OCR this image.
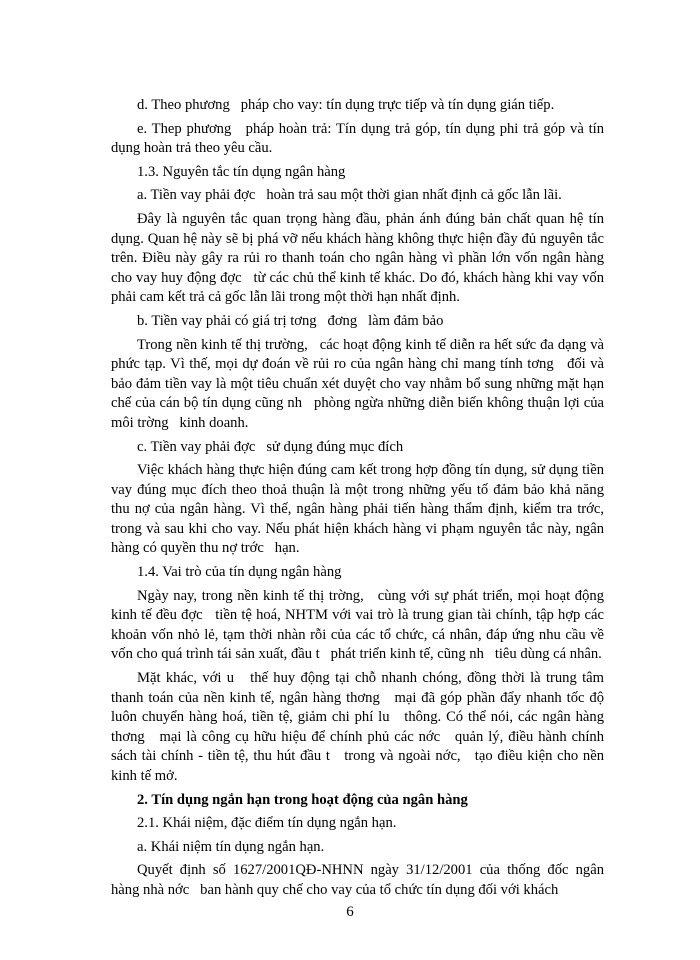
d. Theo phương   pháp cho vay: tín dụng trực tiếp và tín dụng gián tiếp.

e. Thep phương   pháp hoàn trả: Tín dụng trả góp, tín dụng phi trả góp và tín dụng hoàn trả theo yêu cầu.

1.3. Nguyên tắc tín dụng ngân hàng

a. Tiền vay phải đợc   hoàn trả sau một thời gian nhất định cả gốc lẫn lãi.

Đây là nguyên tắc quan trọng hàng đầu, phản ánh đúng bản chất quan hệ tín dụng. Quan hệ này sẽ bị phá vỡ nếu khách hàng không thực hiện đầy đủ nguyên tắc trên. Điều này gây ra rủi ro thanh toán cho ngân hàng vì phần lớn vốn ngân hàng cho vay huy động đợc   từ các chủ thể kinh tế khác. Do đó, khách hàng khi vay vốn phải cam kết trả cả gốc lẫn lãi trong một thời hạn nhất định.

b. Tiền vay phải có giá trị tơng   đơng   làm đảm bảo

Trong nền kinh tế thị trường,   các hoạt động kinh tế diễn ra hết sức đa dạng và phức tạp. Vì thế, mọi dự đoán về rủi ro của ngân hàng chỉ mang tính tơng   đối và bảo đảm tiền vay là một tiêu chuẩn xét duyệt cho vay nhằm bổ sung những mặt hạn chế của cán bộ tín dụng cũng nh   phòng ngừa những diễn biến không thuận lợi của môi trờng   kinh doanh.

c. Tiền vay phải đợc   sử dụng đúng mục đích

Việc khách hàng thực hiện đúng cam kết trong hợp đồng tín dụng, sử dụng tiền vay đúng mục đích theo thoả thuận là một trong những yếu tố đảm bảo khả năng thu nợ của ngân hàng. Vì thế, ngân hàng phải tiến hàng thẩm định, kiểm tra trớc,   trong và sau khi cho vay. Nếu phát hiện khách hàng vi phạm nguyên tắc này, ngân hàng có quyền thu nợ trớc   hạn.

1.4. Vai trò của tín dụng ngân hàng

Ngày nay, trong nền kinh tế thị trờng,   cùng với sự phát triển, mọi hoạt động kinh tế đều đợc   tiền tệ hoá, NHTM với vai trò là trung gian tài chính, tập hợp các khoản vốn nhỏ lẻ, tạm thời nhàn rỗi của các tổ chức, cá nhân, đáp ứng nhu cầu về vốn cho quá trình tái sản xuất, đầu t   phát triển kinh tế, cũng nh   tiêu dùng cá nhân.

Mặt khác, với u   thế huy động tại chỗ nhanh chóng, đồng thời là trung tâm thanh toán của nền kinh tế, ngân hàng thơng   mại đã góp phần đẩy nhanh tốc độ luôn chuyển hàng hoá, tiền tệ, giảm chi phí lu   thông. Có thể nói, các ngân hàng thơng   mại là công cụ hữu hiệu để chính phủ các nớc   quản lý, điều hành chính sách tài chính - tiền tệ, thu hút đầu t   trong và ngoài nớc,   tạo điều kiện cho nền kinh tế mở.

2. Tín dụng ngắn hạn trong hoạt động của ngân hàng

2.1. Khái niệm, đặc điểm tín dụng ngắn hạn.

a. Khái niệm tín dụng ngắn hạn.

Quyết định số 1627/2001QĐ-NHNN ngày 31/12/2001 của thống đốc ngân hàng nhà nớc   ban hành quy chế cho vay của tổ chức tín dụng đối với khách

6
